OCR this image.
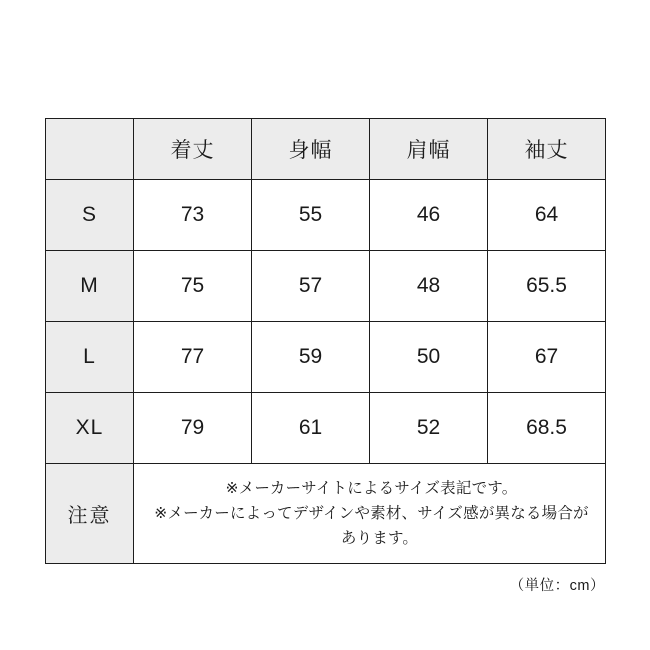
	着丈	身幅	肩幅	袖丈
S	73	55	46	64
M	75	57	48	65.5
L	77	59	50	67
XL	79	61	52	68.5
注意	※メーカーサイトによるサイズ表記です。
※メーカーによってデザインや素材、サイズ感が異なる場合が
あります。			
（単位：cm）
